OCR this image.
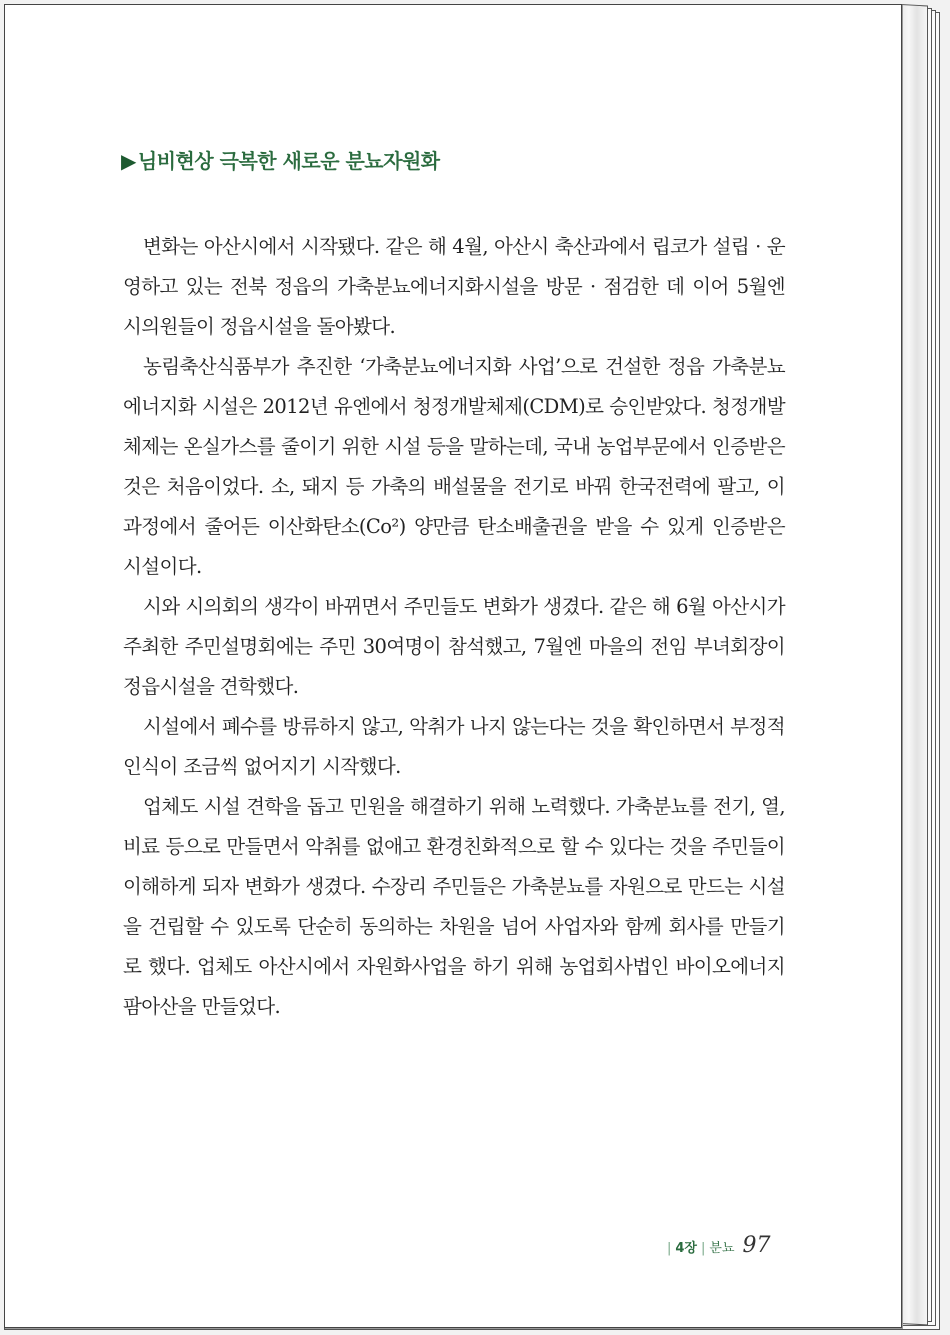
▶ 님비현상 극복한 새로운 분뇨자원화

변화는 아산시에서 시작됐다. 같은 해 4월, 아산시 축산과에서 립코가 설립 · 운영하고 있는 전북 정읍의 가축분뇨에너지화시설을 방문 · 점검한 데 이어 5월엔 시의원들이 정읍시설을 돌아봤다.

농림축산식품부가 추진한 ‘가축분뇨에너지화 사업’으로 건설한 정읍 가축분뇨에너지화 시설은 2012년 유엔에서 청정개발체제(CDM)로 승인받았다. 청정개발체제는 온실가스를 줄이기 위한 시설 등을 말하는데, 국내 농업부문에서 인증받은 것은 처음이었다. 소, 돼지 등 가축의 배설물을 전기로 바꿔 한국전력에 팔고, 이 과정에서 줄어든 이산화탄소(Co²) 양만큼 탄소배출권을 받을 수 있게 인증받은 시설이다.

시와 시의회의 생각이 바뀌면서 주민들도 변화가 생겼다. 같은 해 6월 아산시가 주최한 주민설명회에는 주민 30여명이 참석했고, 7월엔 마을의 전임 부녀회장이 정읍시설을 견학했다.

시설에서 폐수를 방류하지 않고, 악취가 나지 않는다는 것을 확인하면서 부정적 인식이 조금씩 없어지기 시작했다.

업체도 시설 견학을 돕고 민원을 해결하기 위해 노력했다. 가축분뇨를 전기, 열, 비료 등으로 만들면서 악취를 없애고 환경친화적으로 할 수 있다는 것을 주민들이 이해하게 되자 변화가 생겼다. 수장리 주민들은 가축분뇨를 자원으로 만드는 시설을 건립할 수 있도록 단순히 동의하는 차원을 넘어 사업자와 함께 회사를 만들기로 했다. 업체도 아산시에서 자원화사업을 하기 위해 농업회사법인 바이오에너지팜아산을 만들었다.

| 4장 | 분뇨 97
